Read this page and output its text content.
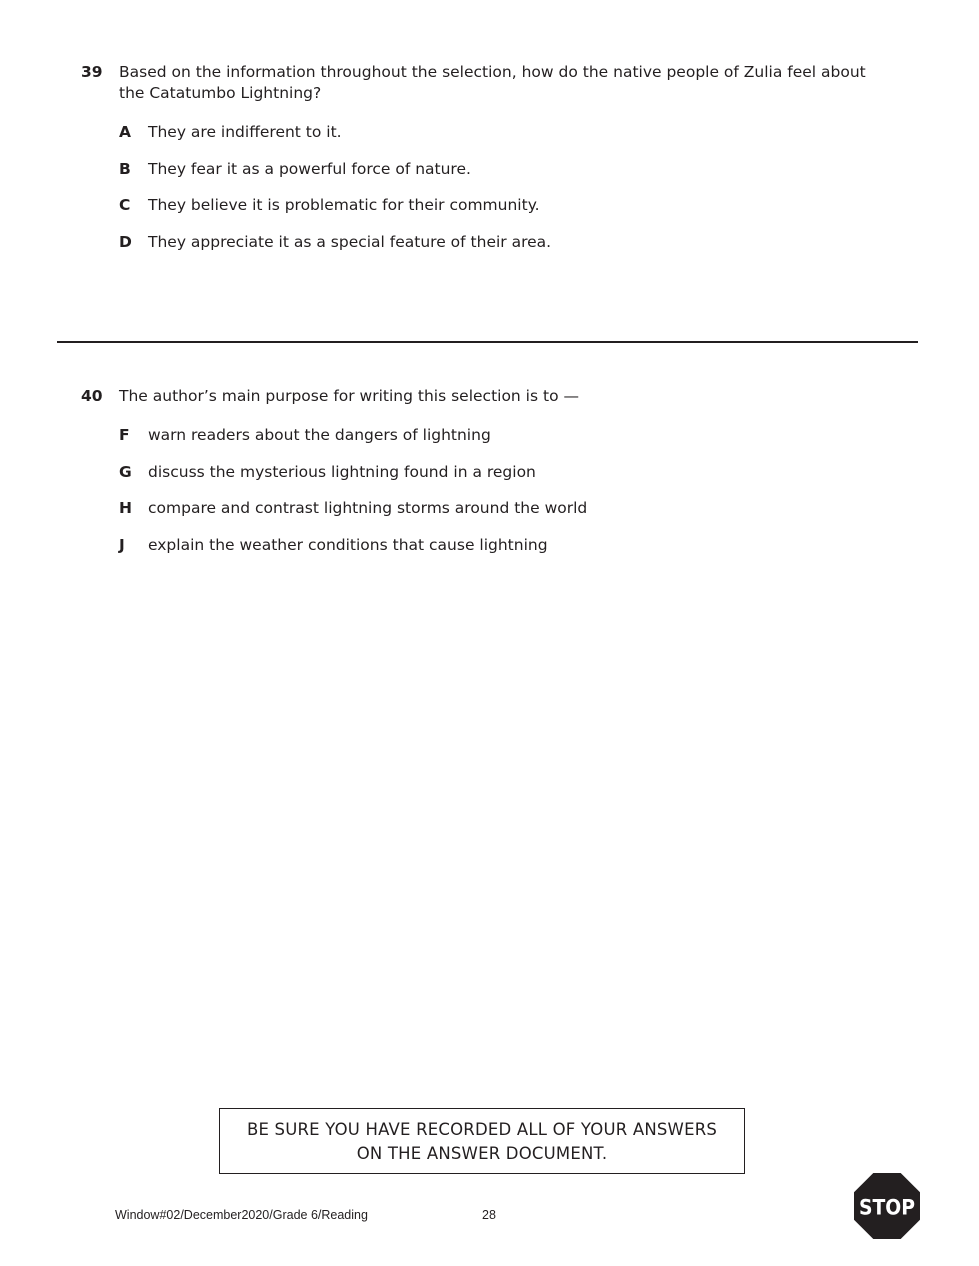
39 Based on the information throughout the selection, how do the native people of Zulia feel about the Catatumbo Lightning?
A	They are indifferent to it.
B	They fear it as a powerful force of nature.
C	They believe it is problematic for their community.
D	They appreciate it as a special feature of their area.
40 The author’s main purpose for writing this selection is to —
F	warn readers about the dangers of lightning
G	discuss the mysterious lightning found in a region
H	compare and contrast lightning storms around the world
J	explain the weather conditions that cause lightning
BE SURE YOU HAVE RECORDED ALL OF YOUR ANSWERS
ON THE ANSWER DOCUMENT.
Window#02/December2020/Grade 6/Reading	28	STOP
